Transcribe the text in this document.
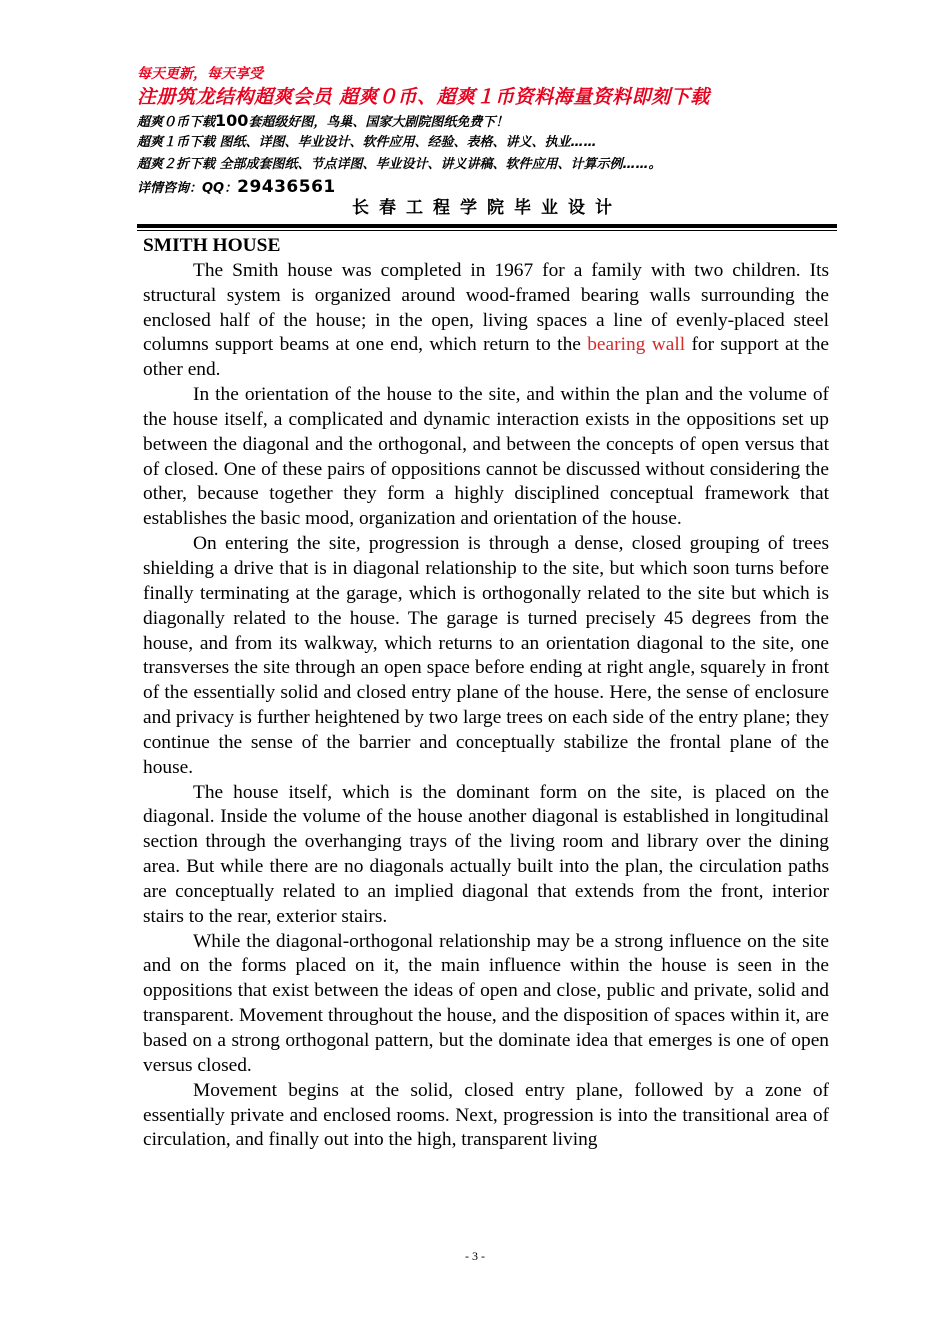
每天更新，每天享受
注册筑龙结构超爽会员 超爽０币、超爽１币资料海量资料即刻下载
超爽０币下载100套超级好图，鸟巢、国家大剧院图纸免费下！
超爽１币下载 图纸、详图、毕业设计、软件应用、经验、表格、讲义、执业……
超爽２折下载 全部成套图纸、节点详图、毕业设计、讲义讲稿、软件应用、计算示例……。
详情咨询：QQ：29436561
长春工程学院毕业设计

SMITH HOUSE

The Smith house was completed in 1967 for a family with two children. Its structural system is organized around wood-framed bearing walls surrounding the enclosed half of the house; in the open, living spaces a line of evenly-placed steel columns support beams at one end, which return to the bearing wall for support at the other end.

In the orientation of the house to the site, and within the plan and the volume of the house itself, a complicated and dynamic interaction exists in the oppositions set up between the diagonal and the orthogonal, and between the concepts of open versus that of closed. One of these pairs of oppositions cannot be discussed without considering the other, because together they form a highly disciplined conceptual framework that establishes the basic mood, organization and orientation of the house.

On entering the site, progression is through a dense, closed grouping of trees shielding a drive that is in diagonal relationship to the site, but which soon turns before finally terminating at the garage, which is orthogonally related to the site but which is diagonally related to the house. The garage is turned precisely 45 degrees from the house, and from its walkway, which returns to an orientation diagonal to the site, one transverses the site through an open space before ending at right angle, squarely in front of the essentially solid and closed entry plane of the house. Here, the sense of enclosure and privacy is further heightened by two large trees on each side of the entry plane; they continue the sense of the barrier and conceptually stabilize the frontal plane of the house.

The house itself, which is the dominant form on the site, is placed on the diagonal. Inside the volume of the house another diagonal is established in longitudinal section through the overhanging trays of the living room and library over the dining area. But while there are no diagonals actually built into the plan, the circulation paths are conceptually related to an implied diagonal that extends from the front, interior stairs to the rear, exterior stairs.

While the diagonal-orthogonal relationship may be a strong influence on the site and on the forms placed on it, the main influence within the house is seen in the oppositions that exist between the ideas of open and close, public and private, solid and transparent. Movement throughout the house, and the disposition of spaces within it, are based on a strong orthogonal pattern, but the dominate idea that emerges is one of open versus closed.

Movement begins at the solid, closed entry plane, followed by a zone of essentially private and enclosed rooms. Next, progression is into the transitional area of circulation, and finally out into the high, transparent living

- 3 -
